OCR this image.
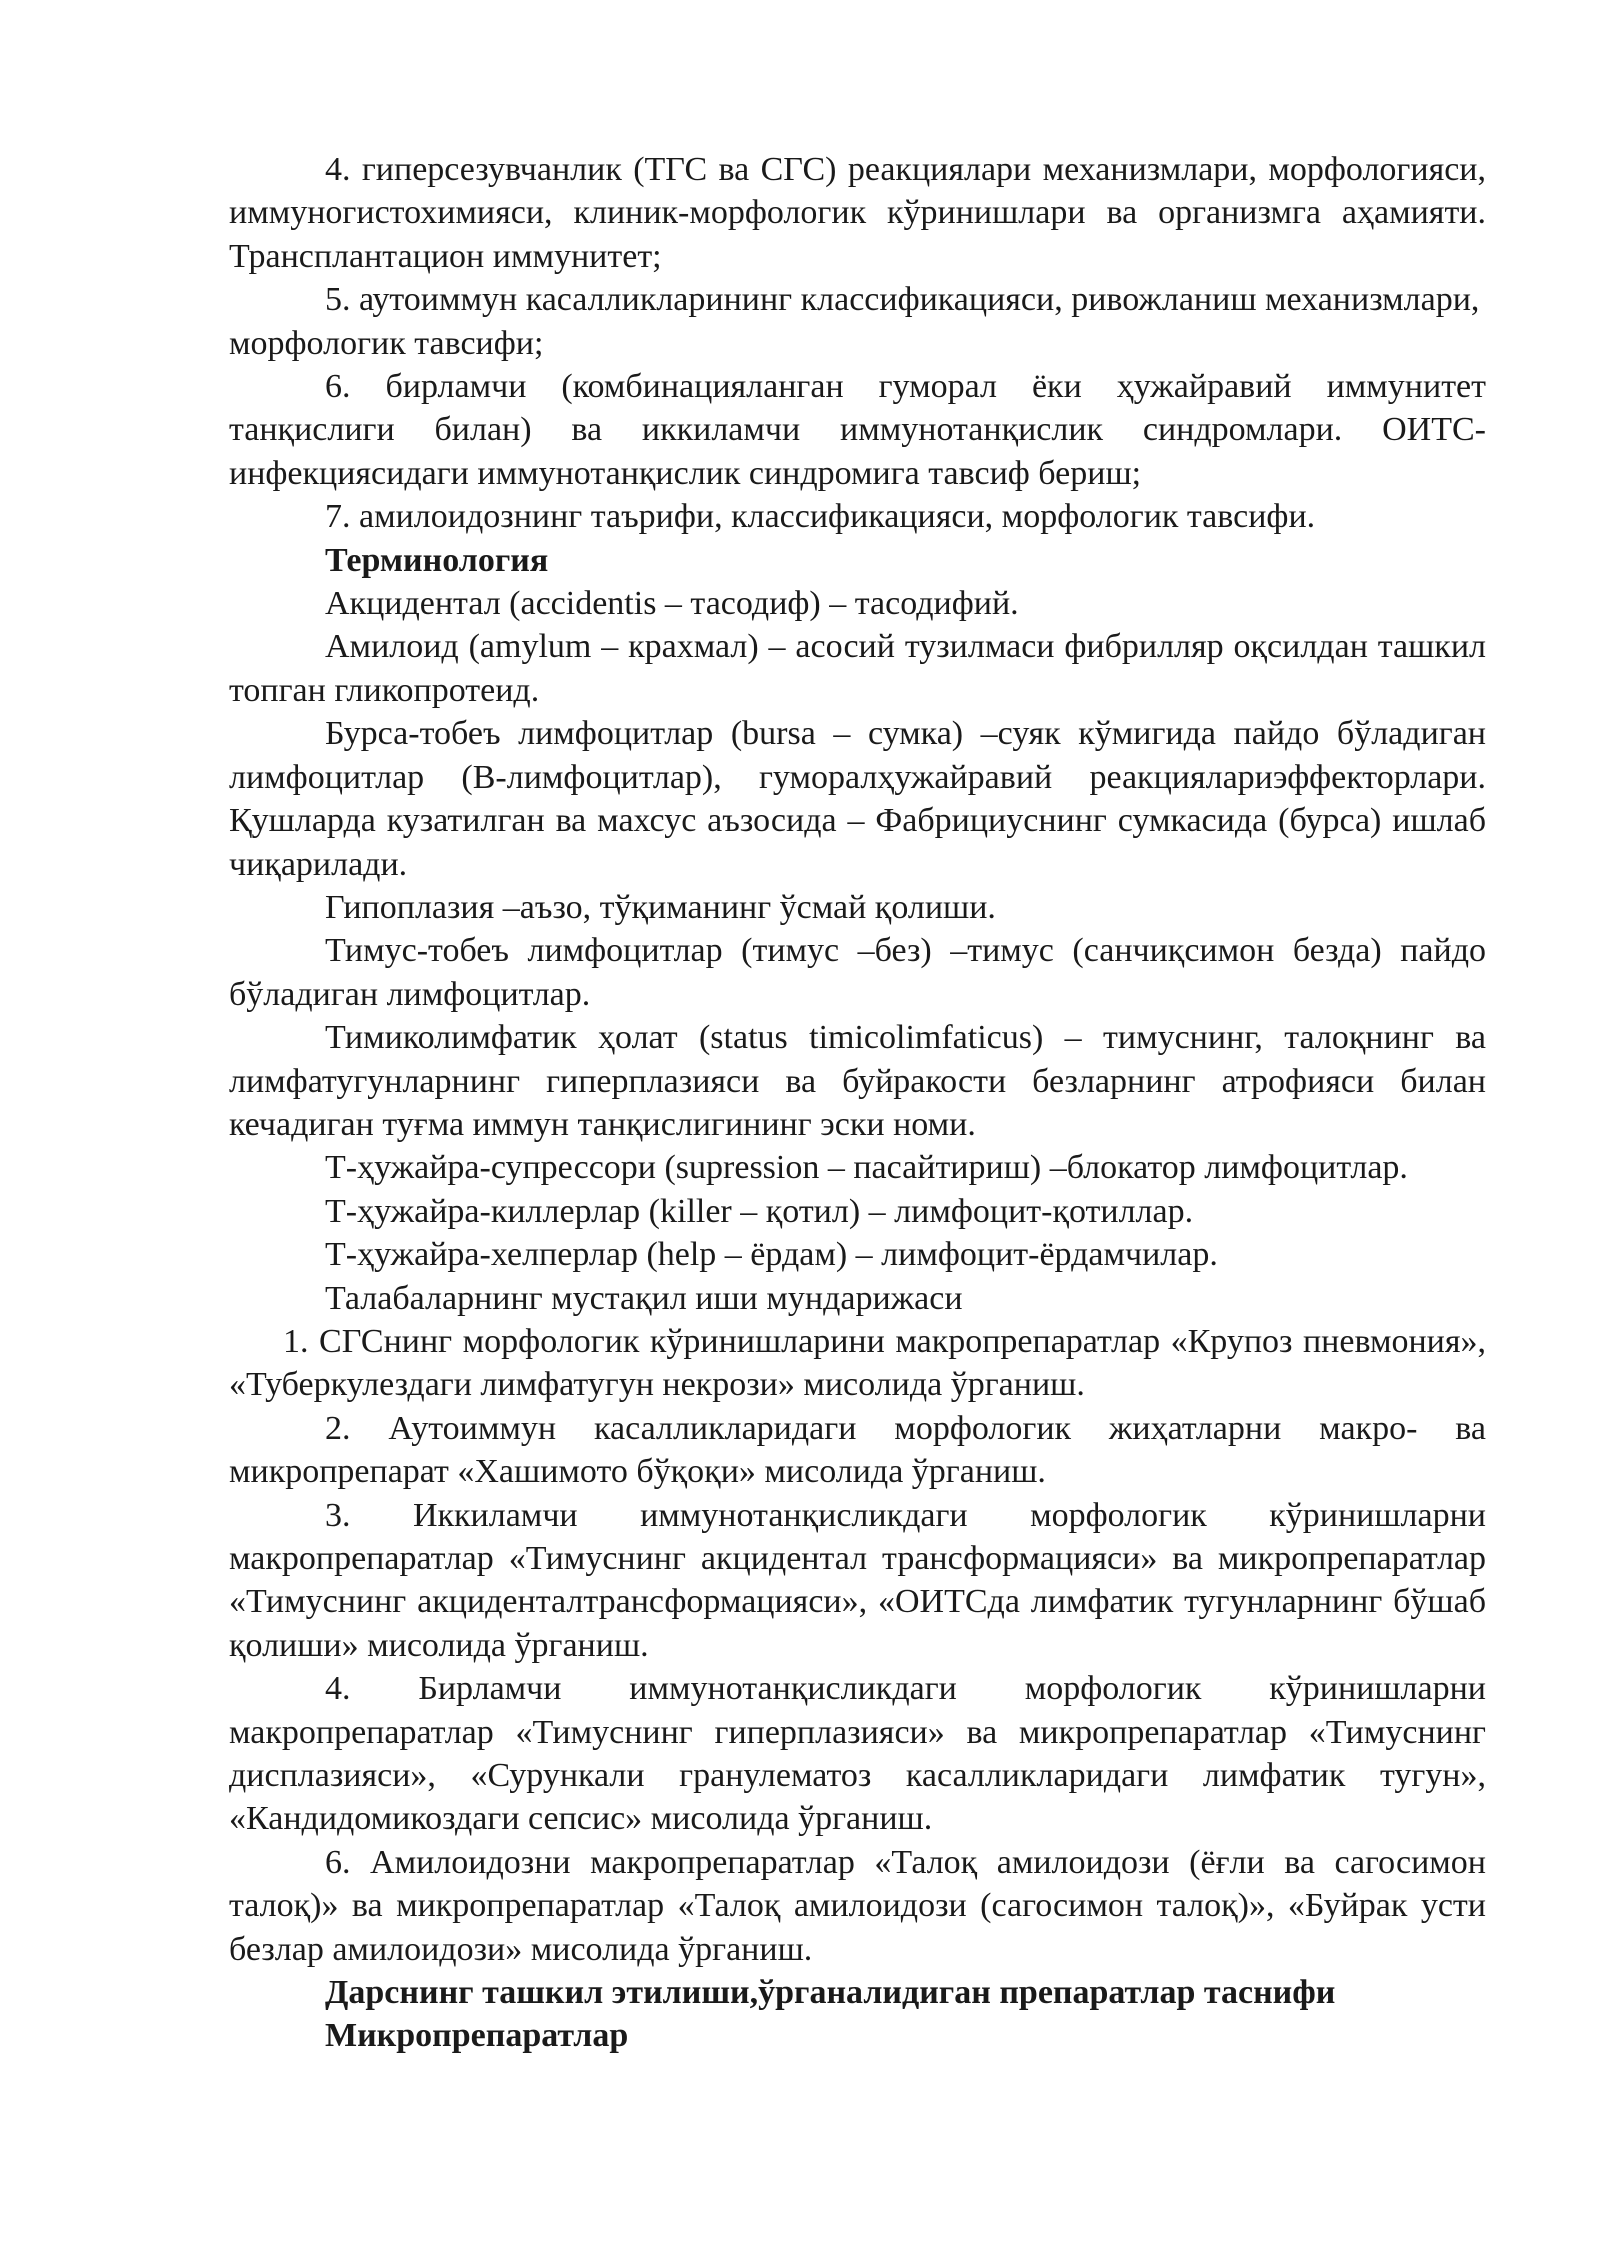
4. гиперсезувчанлик (ТГС ва СГС) реакциялари механизмлари, морфологияси, иммуногистохимияси, клиник-морфологик кўринишлари ва организмга аҳамияти. Трансплантацион иммунитет;

5. аутоиммун касалликларининг классификацияси, ривожланиш механизмлари, морфологик тавсифи;

6. бирламчи (комбинацияланган гуморал ёки ҳужайравий иммунитет танқислиги билан) ва иккиламчи иммунотанқислик синдромлари. ОИТС-инфекциясидаги иммунотанқислик синдромига тавсиф бериш;

7. амилоидознинг таърифи, классификацияси, морфологик тавсифи.

Терминология

Акцидентал (accidentis – тасодиф) – тасодифий.

Амилоид (amylum – крахмал) – асосий тузилмаси фибрилляр оқсилдан ташкил топган гликопротеид.

Бурса-тобеъ лимфоцитлар (bursa – сумка) –суяк кўмигида пайдо бўладиган лимфоцитлар (В-лимфоцитлар), гуморалҳужайравий реакциялариэффекторлари. Қушларда кузатилган ва махсус аъзосида – Фабрициуснинг сумкасида (бурса) ишлаб чиқарилади.

Гипоплазия –аъзо, тўқиманинг ўсмай қолиши.

Тимус-тобеъ лимфоцитлар (тимус –без) –тимус (санчиқсимон безда) пайдо бўладиган лимфоцитлар.

Тимиколимфатик ҳолат (status timicolimfaticus) – тимуснинг, талоқнинг ва лимфатугунларнинг гиперплазияси ва буйракости безларнинг атрофияси билан кечадиган туғма иммун танқислигининг эски номи.

Т-ҳужайра-супрессори (supression – пасайтириш) –блокатор лимфоцитлар.

Т-ҳужайра-киллерлар (killer – қотил) – лимфоцит-қотиллар.

Т-ҳужайра-хелперлар (help – ёрдам) – лимфоцит-ёрдамчилар.

Талабаларнинг мустақил иши мундарижаси

1. СГСнинг морфологик кўринишларини макропрепаратлар «Крупоз пневмония», «Туберкулездаги лимфатугун некрози» мисолида ўрганиш.

2. Аутоиммун касалликларидаги морфологик жиҳатларни макро- ва микропрепарат «Хашимото бўқоқи» мисолида ўрганиш.

3. Иккиламчи иммунотанқисликдаги морфологик кўринишларни макропрепаратлар «Тимуснинг акцидентал трансформацияси» ва микропрепаратлар «Тимуснинг акциденталтрансформацияси», «ОИТСда лимфатик тугунларнинг бўшаб қолиши» мисолида ўрганиш.

4. Бирламчи иммунотанқисликдаги морфологик кўринишларни макропрепаратлар «Тимуснинг гиперплазияси» ва микропрепаратлар «Тимуснинг дисплазияси», «Сурункали гранулематоз касалликларидаги лимфатик тугун», «Кандидомикоздаги сепсис» мисолида ўрганиш.

6. Амилоидозни макропрепаратлар «Талоқ амилоидози (ёғли ва сагосимон талоқ)» ва микропрепаратлар «Талоқ амилоидози (сагосимон талоқ)», «Буйрак усти безлар амилоидози» мисолида ўрганиш.

Дарснинг ташкил этилиши,ўрганалидиган препаратлар таснифи

Микропрепаратлар
